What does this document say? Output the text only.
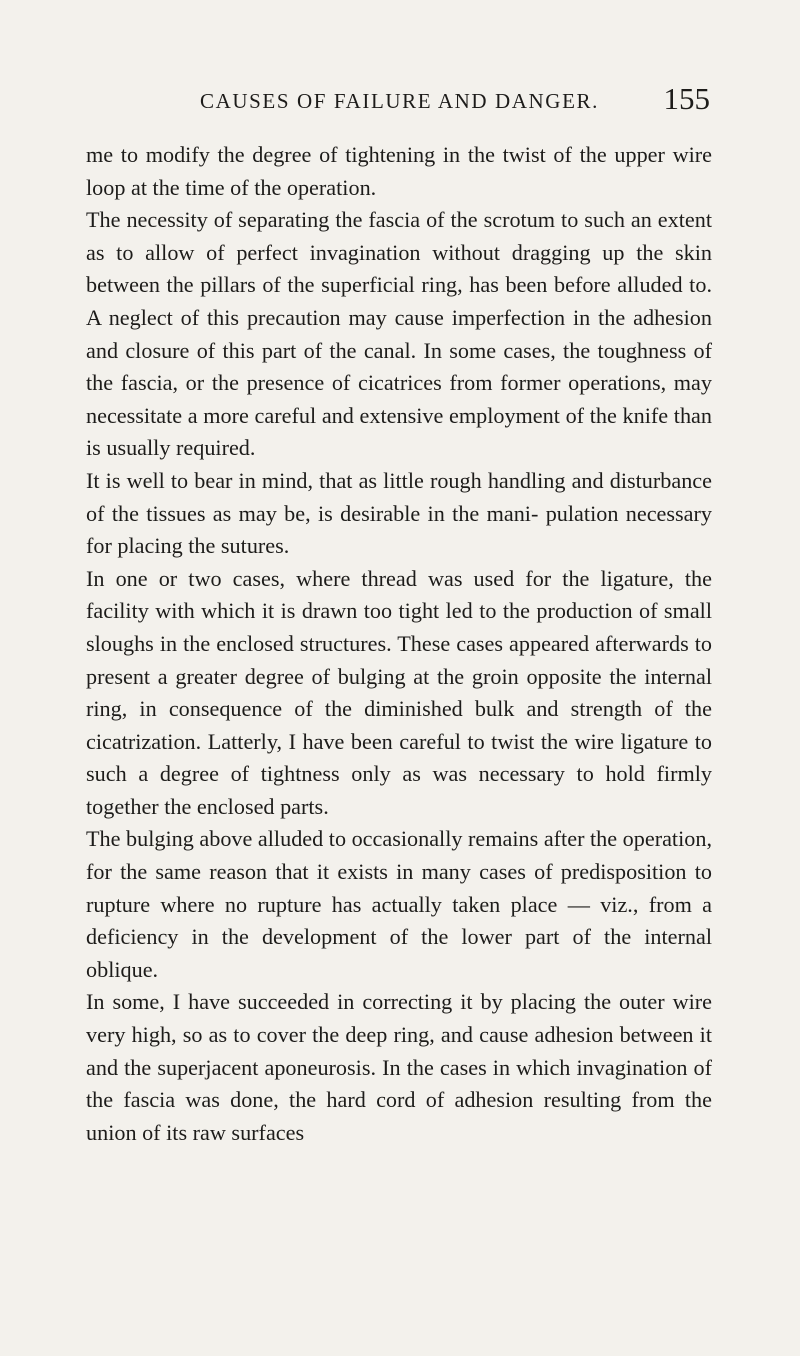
CAUSES OF FAILURE AND DANGER. 155

me to modify the degree of tightening in the twist of the upper wire loop at the time of the operation.

The necessity of separating the fascia of the scrotum to such an extent as to allow of perfect invagination without dragging up the skin between the pillars of the superficial ring, has been before alluded to. A neglect of this precaution may cause imperfection in the adhesion and closure of this part of the canal. In some cases, the toughness of the fascia, or the presence of cicatrices from former operations, may necessitate a more careful and extensive employment of the knife than is usually required.

It is well to bear in mind, that as little rough handling and disturbance of the tissues as may be, is desirable in the mani- pulation necessary for placing the sutures.

In one or two cases, where thread was used for the ligature, the facility with which it is drawn too tight led to the production of small sloughs in the enclosed structures. These cases appeared afterwards to present a greater degree of bulging at the groin opposite the internal ring, in consequence of the diminished bulk and strength of the cicatrization. Latterly, I have been careful to twist the wire ligature to such a degree of tightness only as was necessary to hold firmly together the enclosed parts.

The bulging above alluded to occasionally remains after the operation, for the same reason that it exists in many cases of predisposition to rupture where no rupture has actually taken place — viz., from a deficiency in the development of the lower part of the internal oblique.

In some, I have succeeded in correcting it by placing the outer wire very high, so as to cover the deep ring, and cause adhesion between it and the superjacent aponeurosis. In the cases in which invagination of the fascia was done, the hard cord of adhesion resulting from the union of its raw surfaces
